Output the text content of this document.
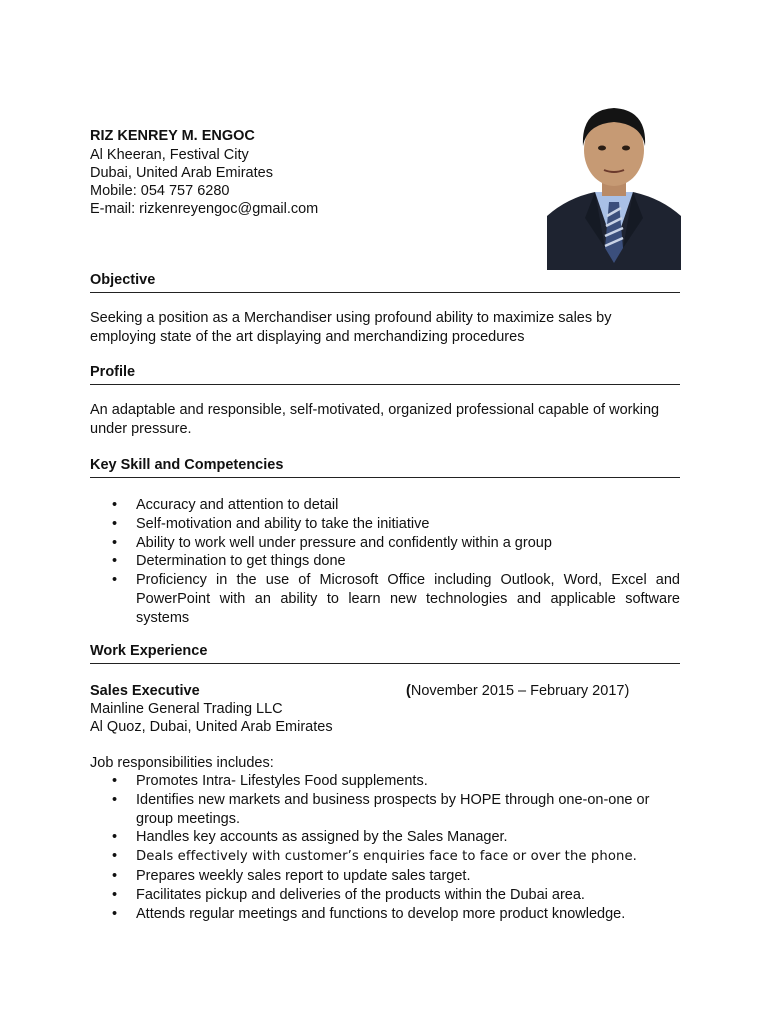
RIZ KENREY M. ENGOC

Al Kheeran, Festival City

Dubai, United Arab Emirates

Mobile: 054 757 6280

E-mail: rizkenreyengoc@gmail.com

Objective

Seeking a position as a Merchandiser using profound ability to maximize sales by employing state of the art displaying and merchandizing procedures

Profile

An adaptable and responsible, self-motivated, organized professional capable of working under pressure.

Key Skill and Competencies

• Accuracy and attention to detail
• Self-motivation and ability to take the initiative
• Ability to work well under pressure and confidently within a group
• Determination to get things done
• Proficiency in the use of Microsoft Office including Outlook, Word, Excel and PowerPoint with an ability to learn new technologies and applicable software systems

Work Experience

Sales Executive	(November 2015 – February 2017)

Mainline General Trading LLC

Al Quoz, Dubai, United Arab Emirates

Job responsibilities includes:

• Promotes Intra- Lifestyles Food supplements.
• Identifies new markets and business prospects by HOPE through one-on-one or group meetings.
• Handles key accounts as assigned by the Sales Manager.
• Deals effectively with customer’s enquiries face to face or over the phone.
• Prepares weekly sales report to update sales target.
• Facilitates pickup and deliveries of the products within the Dubai area.
• Attends regular meetings and functions to develop more product knowledge.
